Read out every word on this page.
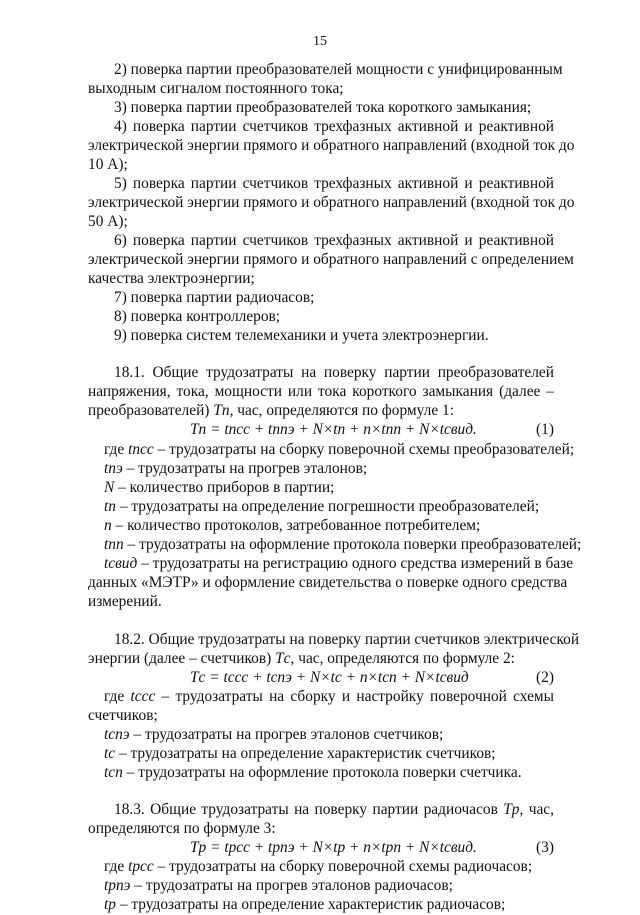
15
2) поверка партии преобразователей мощности с унифицированным
выходным сигналом постоянного тока;
3) поверка партии преобразователей тока короткого замыкания;
4) поверка партии счетчиков трехфазных активной и реактивной
электрической энергии прямого и обратного направлений (входной ток до
10 А);
5) поверка партии счетчиков трехфазных активной и реактивной
электрической энергии прямого и обратного направлений (входной ток до
50 А);
6) поверка партии счетчиков трехфазных активной и реактивной
электрической энергии прямого и обратного направлений с определением
качества электроэнергии;
7) поверка партии радиочасов;
8) поверка контроллеров;
9) поверка систем телемеханики и учета электроэнергии.
18.1. Общие трудозатраты на поверку партии преобразователей
напряжения, тока, мощности или тока короткого замыкания (далее –
преобразователей) Tп, час, определяются по формуле 1:
Tп = tпсс + tппэ + N×tп + n×tпп + N×tсвид.	(1)
где tпсс – трудозатраты на сборку поверочной схемы преобразователей;
tпэ – трудозатраты на прогрев эталонов;
N – количество приборов в партии;
tп – трудозатраты на определение погрешности преобразователей;
n – количество протоколов, затребованное потребителем;
tпп – трудозатраты на оформление протокола поверки преобразователей;
tсвид – трудозатраты на регистрацию одного средства измерений в базе
данных «МЭТР» и оформление свидетельства о поверке одного средства
измерений.
18.2. Общие трудозатраты на поверку партии счетчиков электрической
энергии (далее – счетчиков) Tс, час, определяются по формуле 2:
Tс = tссс + tспэ + N×tс + n×tсп + N×tсвид	(2)
где tссс – трудозатраты на сборку и настройку поверочной схемы
счетчиков;
tспэ – трудозатраты на прогрев эталонов счетчиков;
tс – трудозатраты на определение характеристик счетчиков;
tсп – трудозатраты на оформление протокола поверки счетчика.
18.3. Общие трудозатраты на поверку партии радиочасов Tр, час,
определяются по формуле 3:
Tр = tрсс + tрпэ + N×tр + n×tрп + N×tсвид.	(3)
где tрсс – трудозатраты на сборку поверочной схемы радиочасов;
tрпэ – трудозатраты на прогрев эталонов радиочасов;
tр – трудозатраты на определение характеристик радиочасов;
